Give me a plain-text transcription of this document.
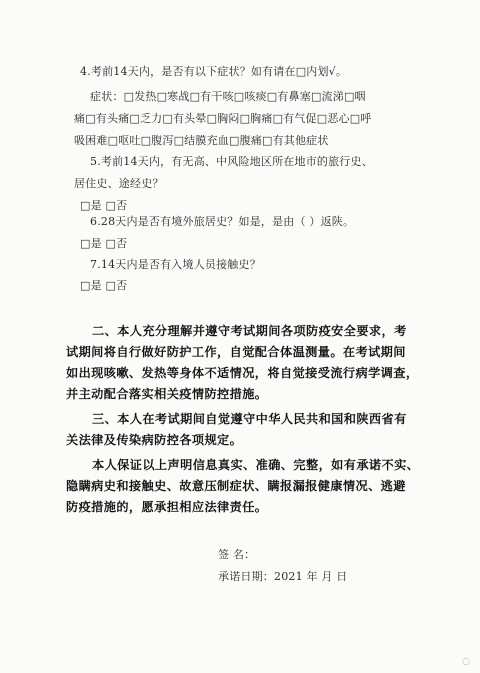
4.考前14天内，是否有以下症状？如有请在□内划√。
症状：□发热□寒战□有干咳□咳痰□有鼻塞□流涕□咽
痛□有头痛□乏力□有头晕□胸闷□胸痛□有气促□恶心□呼
吸困难□呕吐□腹泻□结膜充血□腹痛□有其他症状
5.考前14天内，有无高、中风险地区所在地市的旅行史、
居住史、途经史？
□是 □否
6.28天内是否有境外旅居史？如是，是由（ ）返陕。
□是 □否
7.14天内是否有入境人员接触史？
□是 □否
二、本人充分理解并遵守考试期间各项防疫安全要求，考
试期间将自行做好防护工作，自觉配合体温测量。在考试期间
如出现咳嗽、发热等身体不适情况，将自觉接受流行病学调查，
并主动配合落实相关疫情防控措施。
三、本人在考试期间自觉遵守中华人民共和国和陕西省有
关法律及传染病防控各项规定。
本人保证以上声明信息真实、准确、完整，如有承诺不实、
隐瞒病史和接触史、故意压制症状、瞒报漏报健康情况、逃避
防疫措施的，愿承担相应法律责任。
签 名：
承诺日期：2021 年 月 日
○
